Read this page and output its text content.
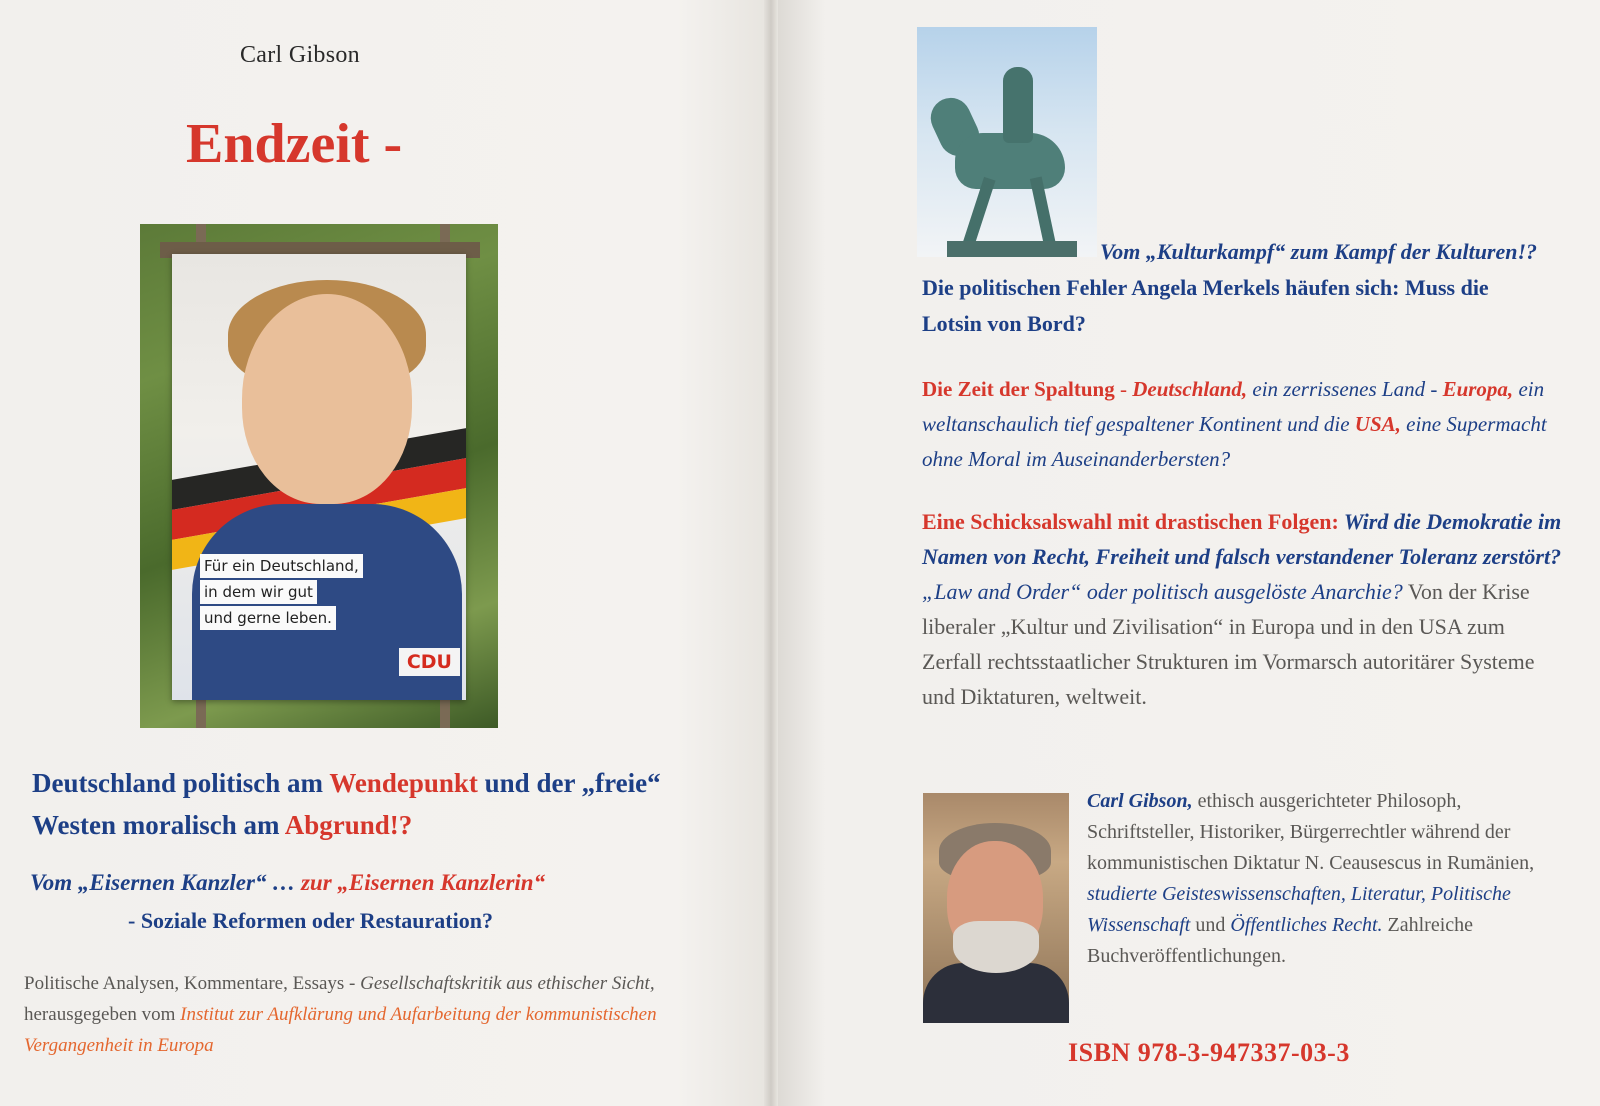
Carl Gibson
Endzeit -
Für ein Deutschland,
in dem wir gut
und gerne leben.
CDU
Deutschland politisch am Wendepunkt und der „freie“ Westen moralisch am Abgrund!?
Vom „Eisernen Kanzler“ … zur „Eisernen Kanzlerin“
- Soziale Reformen oder Restauration?
Politische Analysen, Kommentare, Essays - Gesellschaftskritik aus ethischer Sicht, herausgegeben vom Institut zur Aufklärung und Aufarbeitung der kommunistischen Vergangenheit in Europa
Vom „Kulturkampf“ zum Kampf der Kulturen!? Die politischen Fehler Angela Merkels häufen sich: Muss die Lotsin von Bord?
Die Zeit der Spaltung - Deutschland, ein zerrissenes Land - Europa, ein weltanschaulich tief gespaltener Kontinent und die USA, eine Supermacht ohne Moral im Auseinanderbersten?
Eine Schicksalswahl mit drastischen Folgen: Wird die Demokratie im Namen von Recht, Freiheit und falsch verstandener Toleranz zerstört? „Law and Order“ oder politisch ausgelöste Anarchie? Von der Krise liberaler „Kultur und Zivilisation“ in Europa und in den USA zum Zerfall rechtsstaatlicher Strukturen im Vormarsch autoritärer Systeme und Diktaturen, weltweit.
Carl Gibson, ethisch ausgerichteter Philosoph, Schriftsteller, Historiker, Bürgerrechtler während der kommunistischen Diktatur N. Ceausescus in Rumänien, studierte Geisteswissenschaften, Literatur, Politische Wissenschaft und Öffentliches Recht. Zahlreiche Buchveröffentlichungen.
ISBN 978-3-947337-03-3
